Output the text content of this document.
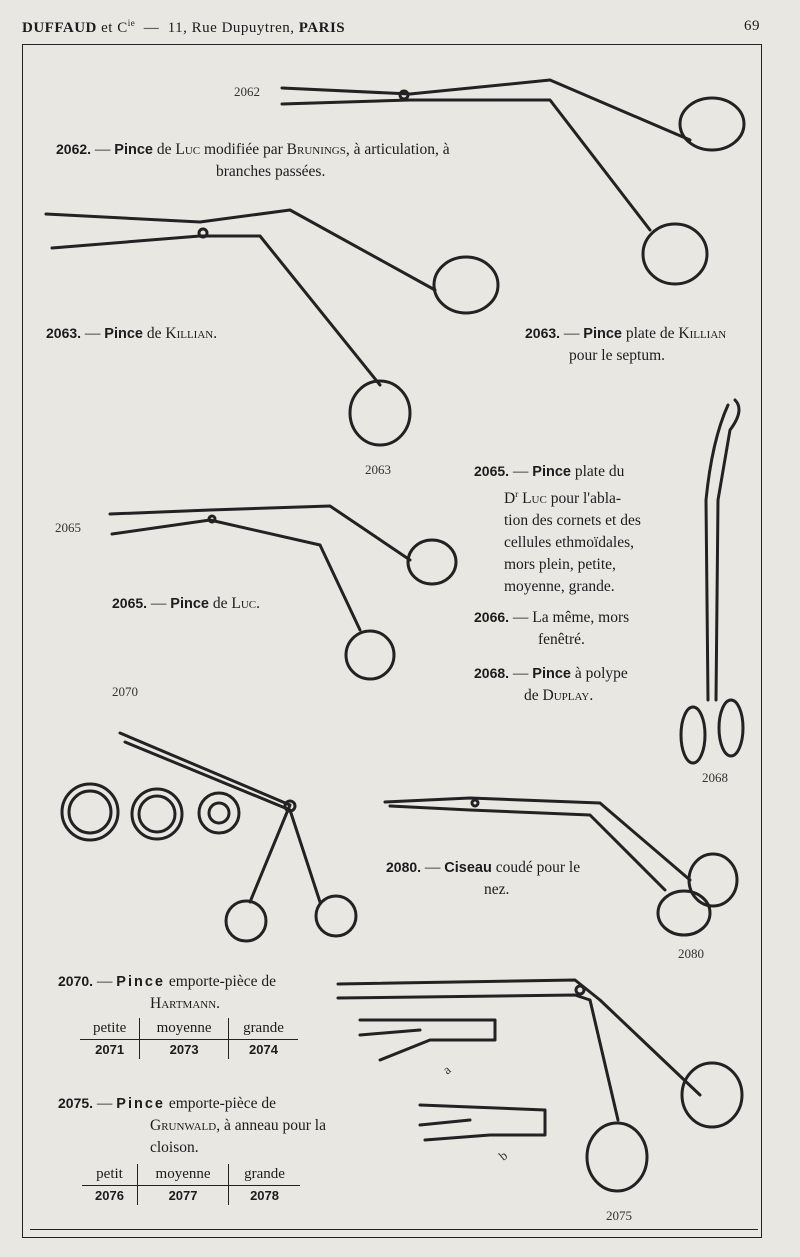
DUFFAUD et $C^{ie}$ — 11, Rue Dupuytren, PARIS	69
2062
2063
2065
2070
2068
2080
2075
a
b
2062. — Pince de Luc modifiée par Brunings, à articulation, à
branches passées.
2063. — Pince de Killian.	2063. — Pince plate de Killian
pour le septum.
2065. — Pince plate du
$D^r$ Luc pour l'abla-
tion des cornets et des
cellules ethmoïdales,
mors plein, petite,
moyenne, grande.
2065. — Pince de Luc.
2066. — La même, mors
fenêtré.
2068. — Pince à polype
de Duplay.
2080. — Ciseau coudé pour le
nez.
2070. — Pince emporte-pièce de
Hartmann.
petite	moyenne	grande
2071	2073	2074
2075. — Pince emporte-pièce de
Grunwald, à anneau pour la
cloison.
petit	moyenne	grande
2076	2077	2078
